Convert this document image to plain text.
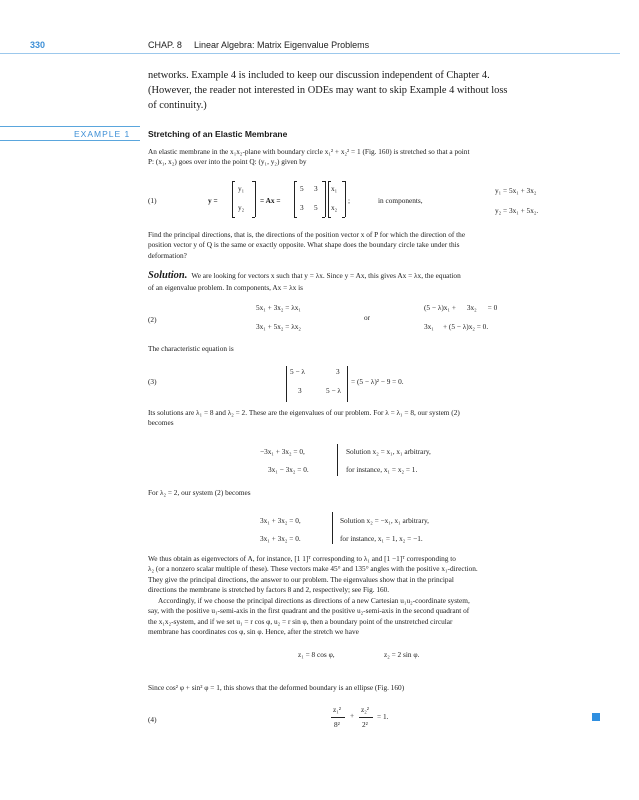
330	CHAP. 8 Linear Algebra: Matrix Eigenvalue Problems
networks. Example 4 is included to keep our discussion independent of Chapter 4.
(However, the reader not interested in ODEs may want to skip Example 4 without loss
of continuity.)
EXAMPLE 1 Stretching of an Elastic Membrane
An elastic membrane in the x₁x₂-plane with boundary circle x₁² + x₂² = 1 (Fig. 160) is stretched so that a point
P: (x₁, x₂) goes over into the point Q: (y₁, y₂) given by
(1)	y =
y₁
y₂
= Ax =
5 3
3 5
x₁
x₂
;	in components,
y₁ = 5x₁ + 3x₂
y₂ = 3x₁ + 5x₂.
Find the principal directions, that is, the directions of the position vector x of P for which the direction of the
position vector y of Q is the same or exactly opposite. What shape does the boundary circle take under this
deformation?
Solution. We are looking for vectors x such that y = λx. Since y = Ax, this gives Ax = λx, the equation
of an eigenvalue problem. In components, Ax = λx is
(2)
5x₁ + 3x₂ = λx₁
3x₁ + 5x₂ = λx₂
or
(5 − λ)x₁ +      3x₂      = 0
3x₁     + (5 − λ)x₂ = 0.
The characteristic equation is
(3)
5 − λ	3
3	5 − λ
= (5 − λ)² − 9 = 0.
Its solutions are λ₁ = 8 and λ₂ = 2. These are the eigenvalues of our problem. For λ = λ₁ = 8, our system (2)
becomes
−3x₁ + 3x₂ = 0,
3x₁ − 3x₂ = 0.
Solution x₂ = x₁, x₁ arbitrary,
for instance, x₁ = x₂ = 1.
For λ₂ = 2, our system (2) becomes
3x₁ + 3x₂ = 0,
3x₁ + 3x₂ = 0.
Solution x₂ = −x₁, x₁ arbitrary,
for instance, x₁ = 1, x₂ = −1.
We thus obtain as eigenvectors of A, for instance, [1 1]ᵀ corresponding to λ₁ and [1 −1]ᵀ corresponding to
λ₂ (or a nonzero scalar multiple of these). These vectors make 45° and 135° angles with the positive x₁-direction.
They give the principal directions, the answer to our problem. The eigenvalues show that in the principal
directions the membrane is stretched by factors 8 and 2, respectively; see Fig. 160.
Accordingly, if we choose the principal directions as directions of a new Cartesian u₁u₂-coordinate system,
say, with the positive u₁-semi-axis in the first quadrant and the positive u₂-semi-axis in the second quadrant of
the x₁x₂-system, and if we set u₁ = r cos φ, u₂ = r sin φ, then a boundary point of the unstretched circular
membrane has coordinates cos φ, sin φ. Hence, after the stretch we have
z₁ = 8 cos φ,	z₂ = 2 sin φ.
Since cos² φ + sin² φ = 1, this shows that the deformed boundary is an ellipse (Fig. 160)
(4)
z₁²
8²
+
z₂²
2²
= 1.
